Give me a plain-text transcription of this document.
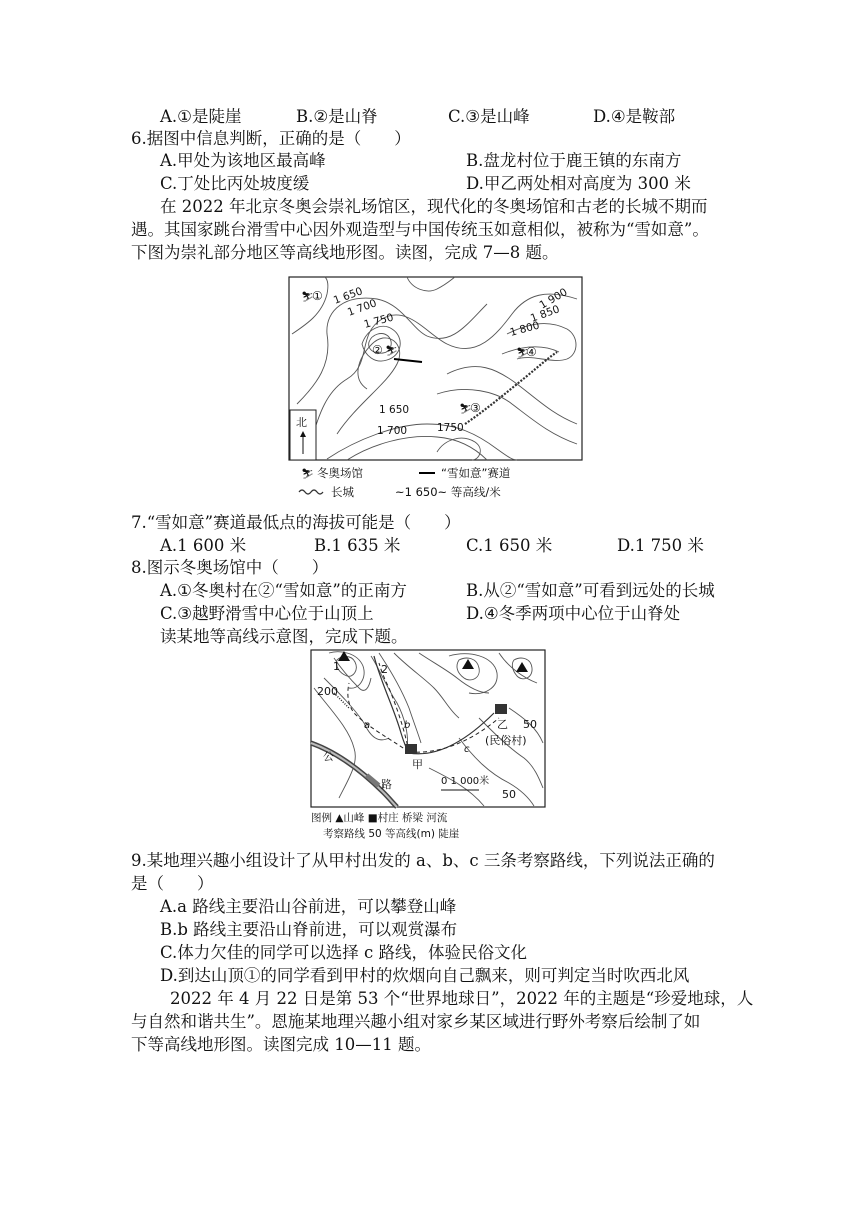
A.①是陡崖	B.②是山脊	C.③是山峰	D.④是鞍部
6.据图中信息判断，正确的是（　　）
A.甲处为该地区最高峰	B.盘龙村位于鹿王镇的东南方
C.丁处比丙处坡度缓	D.甲乙两处相对高度为 300 米
在 2022 年北京冬奥会崇礼场馆区，现代化的冬奥场馆和古老的长城不期而
遇。其国家跳台滑雪中心因外观造型与中国传统玉如意相似，被称为“雪如意”。
下图为崇礼部分地区等高线地形图。读图，完成 7—8 题。
1 650
1 700
1 750
1 900
1 850
1 800
1 650
1 700	1750
⛷
①
② ⛷	⛷
④
⛷
③
北
⛷ 冬奥场馆	“雪如意”赛道
长城	~1 650~ 等高线/米
7.“雪如意”赛道最低点的海拔可能是（　　）
A.1 600 米	B.1 635 米	C.1 650 米	D.1 750 米
8.图示冬奥场馆中（　　）
A.①冬奥村在②“雪如意”的正南方	B.从②“雪如意”可看到远处的长城
C.③越野滑雪中心位于山顶上	D.④冬季两项中心位于山脊处
读某地等高线示意图，完成下题。
1	2
200
50
50
a	b
c
甲
乙
(民俗村)
公
路	0 1 000米
图例 ▲山峰 ■村庄 桥梁 河流
考察路线 50 等高线(m) 陡崖
9.某地理兴趣小组设计了从甲村出发的 a、b、c 三条考察路线，下列说法正确的
是（　　）
A.a 路线主要沿山谷前进，可以攀登山峰
B.b 路线主要沿山脊前进，可以观赏瀑布
C.体力欠佳的同学可以选择 c 路线，体验民俗文化
D.到达山顶①的同学看到甲村的炊烟向自己飘来，则可判定当时吹西北风
2022 年 4 月 22 日是第 53 个“世界地球日”，2022 年的主题是“珍爱地球，人
与自然和谐共生”。恩施某地理兴趣小组对家乡某区域进行野外考察后绘制了如
下等高线地形图。读图完成 10—11 题。
